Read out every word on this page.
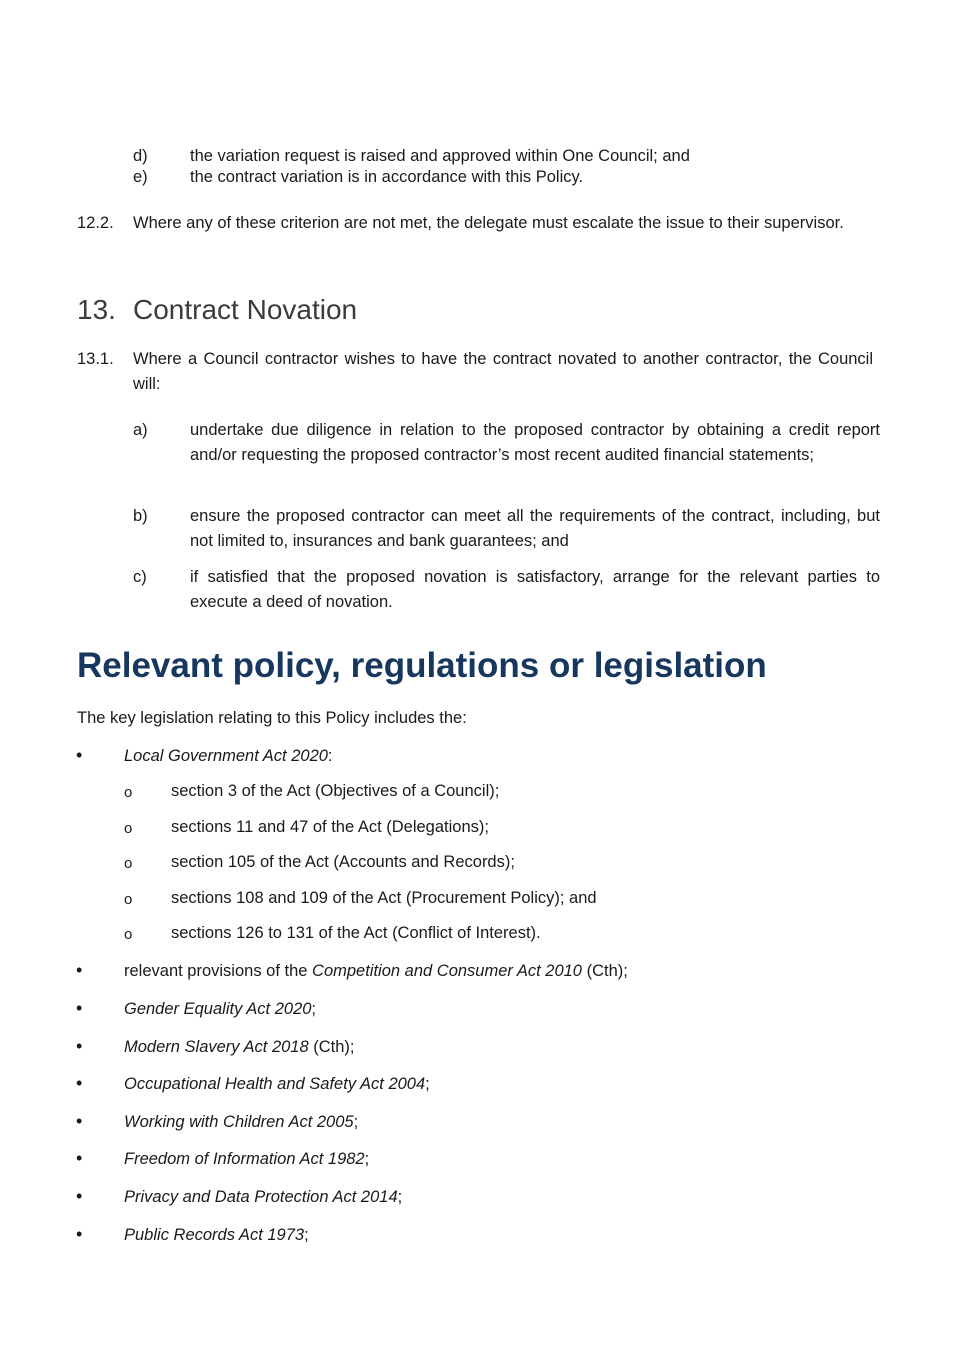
d)	the variation request is raised and approved within One Council; and
e)	the contract variation is in accordance with this Policy.
12.2. Where any of these criterion are not met, the delegate must escalate the issue to their supervisor.
13. Contract Novation
13.1. Where a Council contractor wishes to have the contract novated to another contractor, the Council will:
a)	undertake due diligence in relation to the proposed contractor by obtaining a credit report and/or requesting the proposed contractor’s most recent audited financial statements;
b)	ensure the proposed contractor can meet all the requirements of the contract, including, but not limited to, insurances and bank guarantees; and
c)	if satisfied that the proposed novation is satisfactory, arrange for the relevant parties to execute a deed of novation.
Relevant policy, regulations or legislation
The key legislation relating to this Policy includes the:
•	Local Government Act 2020:
o section 3 of the Act (Objectives of a Council);
o sections 11 and 47 of the Act (Delegations);
o section 105 of the Act (Accounts and Records);
o sections 108 and 109 of the Act (Procurement Policy); and
o sections 126 to 131 of the Act (Conflict of Interest).
•	relevant provisions of the Competition and Consumer Act 2010 (Cth);
•	Gender Equality Act 2020;
•	Modern Slavery Act 2018 (Cth);
•	Occupational Health and Safety Act 2004;
•	Working with Children Act 2005;
•	Freedom of Information Act 1982;
•	Privacy and Data Protection Act 2014;
•	Public Records Act 1973;
